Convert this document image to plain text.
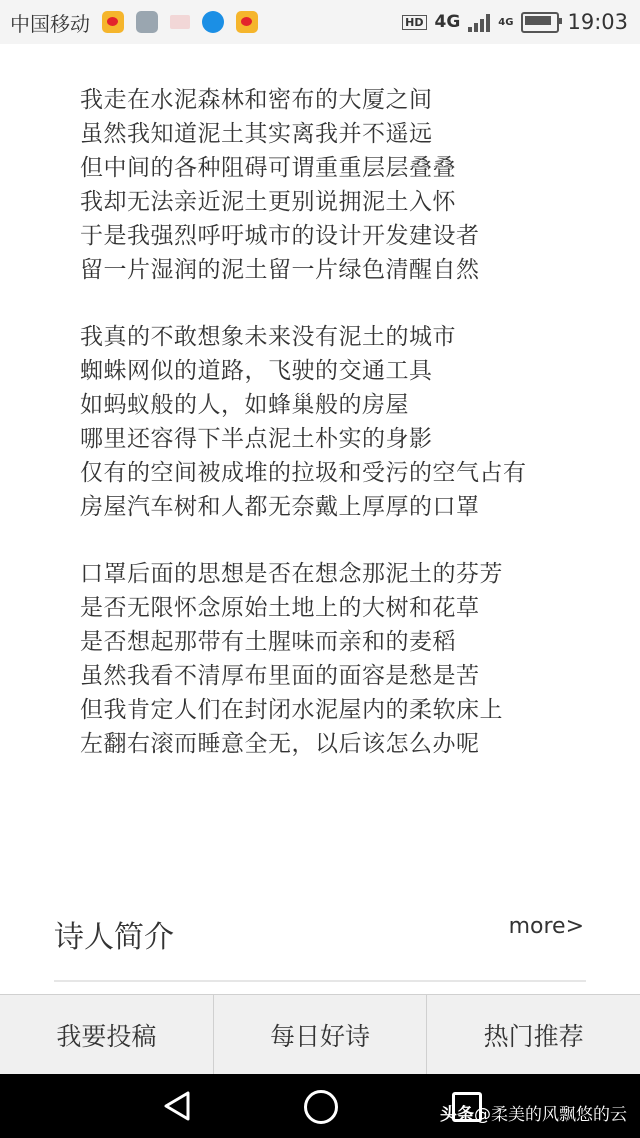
中国移动	HD 4G	4G	19:03
我走在水泥森林和密布的大厦之间
虽然我知道泥土其实离我并不遥远
但中间的各种阻碍可谓重重层层叠叠
我却无法亲近泥土更别说拥泥土入怀
于是我强烈呼吁城市的设计开发建设者
留一片湿润的泥土留一片绿色清醒自然
我真的不敢想象未来没有泥土的城市
蜘蛛网似的道路，飞驶的交通工具
如蚂蚁般的人，如蜂巢般的房屋
哪里还容得下半点泥土朴实的身影
仅有的空间被成堆的拉圾和受污的空气占有
房屋汽车树和人都无奈戴上厚厚的口罩
口罩后面的思想是否在想念那泥土的芬芳
是否无限怀念原始土地上的大树和花草
是否想起那带有土腥味而亲和的麦稻
虽然我看不清厚布里面的面容是愁是苦
但我肯定人们在封闭水泥屋内的柔软床上
左翻右滚而睡意全无，以后该怎么办呢
诗人简介	more>
我要投稿	每日好诗	热门推荐
头条@柔美的风飘悠的云
